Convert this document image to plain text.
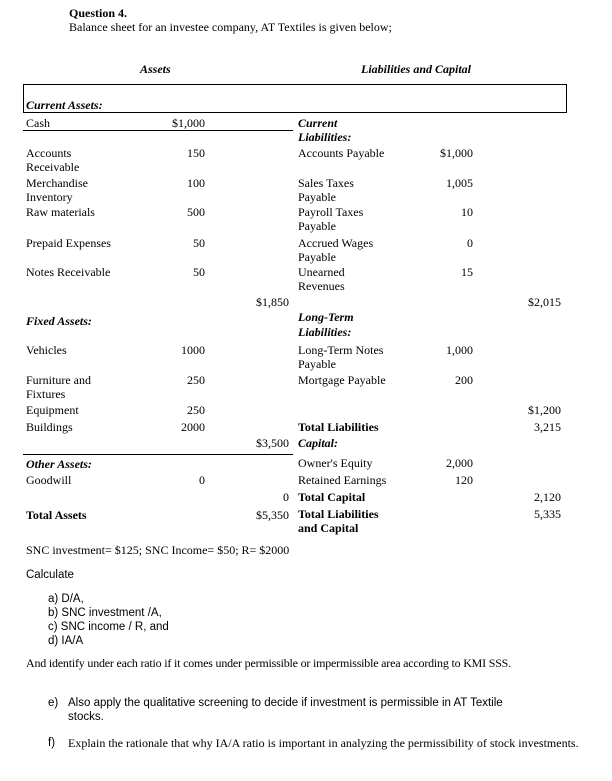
Question 4.
Balance sheet for an investee company, AT Textiles is given below;
Assets	Liabilities and Capital
Current Assets:
Fixed Assets:
Other Assets:
Total Assets
Cash
Accounts
Receivable
Merchandise
Inventory
Raw materials
Prepaid Expenses
Notes Receivable
Vehicles
Furniture and
Fixtures
Equipment
Buildings
Goodwill
$1,000
150
100
500
50
50
1000
250
250
2000
0
$1,850
$3,500
0
$5,350
Current
Liabilities:
Accounts Payable
Sales Taxes
Payable
Payroll Taxes
Payable
Accrued Wages
Payable
Unearned
Revenues
Long-Term
Liabilities:
Long-Term Notes
Payable
Mortgage Payable
Total Liabilities
Capital:
Owner's Equity
Retained Earnings
Total Capital
Total Liabilities
and Capital
$1,000
1,005
10
0
15
1,000
200
2,000
120
$2,015
$1,200
3,215
2,120
5,335
SNC investment= $125; SNC Income= $50; R= $2000
Calculate
a) D/A,
b) SNC investment /A,
c) SNC income / R, and
d) IA/A
And identify under each ratio if it comes under permissible or impermissible area according to KMI SSS.
e) Also apply the qualitative screening to decide if investment is permissible in AT Textile stocks.
f) Explain the rationale that why IA/A ratio is important in analyzing the permissibility of stock investments.
